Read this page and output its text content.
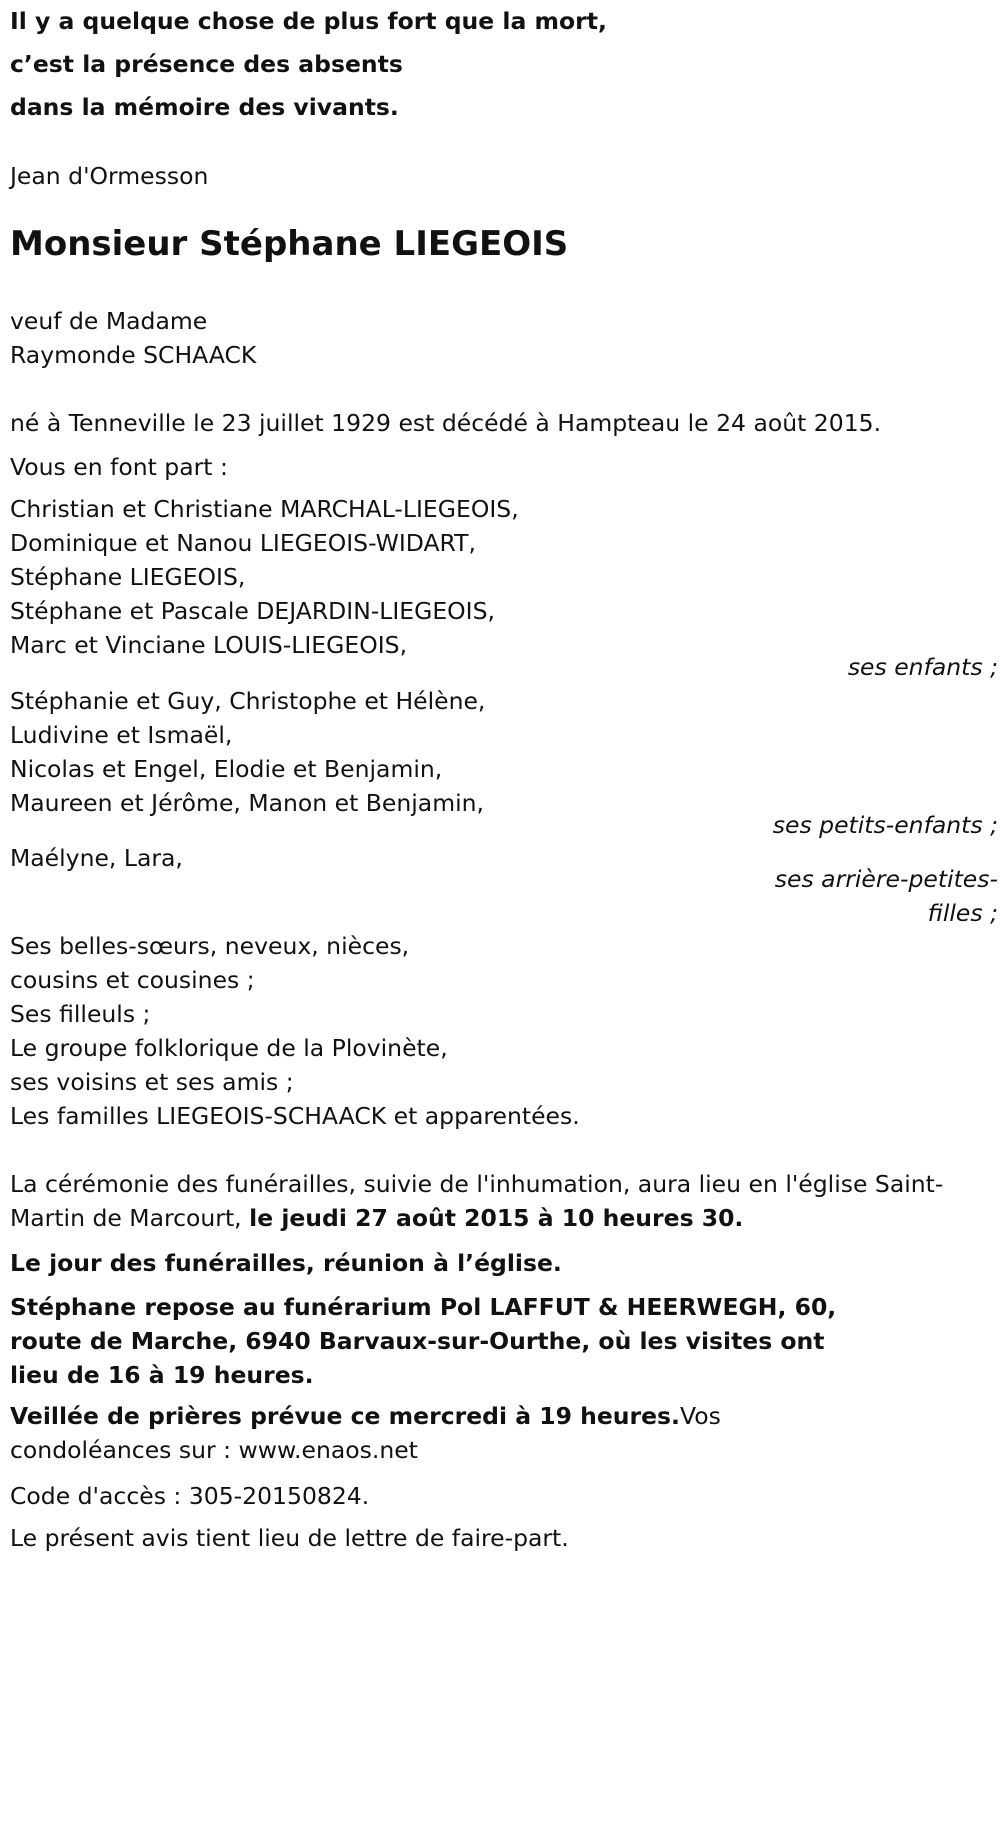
Il y a quelque chose de plus fort que la mort,
c’est la présence des absents
dans la mémoire des vivants.
Jean d'Ormesson
Monsieur Stéphane LIEGEOIS
veuf de Madame
Raymonde SCHAACK
né à Tenneville le 23 juillet 1929 est décédé à Hampteau le 24 août 2015.
Vous en font part :
Christian et Christiane MARCHAL-LIEGEOIS,
Dominique et Nanou LIEGEOIS-WIDART,
Stéphane LIEGEOIS,
Stéphane et Pascale DEJARDIN-LIEGEOIS,
Marc et Vinciane LOUIS-LIEGEOIS,
ses enfants ;
Stéphanie et Guy, Christophe et Hélène,
Ludivine et Ismaël,
Nicolas et Engel, Elodie et Benjamin,
Maureen et Jérôme, Manon et Benjamin,
ses petits-enfants ;
Maélyne, Lara,
ses arrière-petites-
filles ;
Ses belles-sœurs, neveux, nièces,
cousins et cousines ;
Ses filleuls ;
Le groupe folklorique de la Plovinète,
ses voisins et ses amis ;
Les familles LIEGEOIS-SCHAACK et apparentées.
La cérémonie des funérailles, suivie de l'inhumation, aura lieu en l'église Saint-Martin de Marcourt, le jeudi 27 août 2015 à 10 heures 30.
Le jour des funérailles, réunion à l’église.
Stéphane repose au funérarium Pol LAFFUT & HEERWEGH, 60, route de Marche, 6940 Barvaux-sur-Ourthe, où les visites ont lieu de 16 à 19 heures.
Veillée de prières prévue ce mercredi à 19 heures.Vos condoléances sur : www.enaos.net
Code d'accès : 305-20150824.
Le présent avis tient lieu de lettre de faire-part.
